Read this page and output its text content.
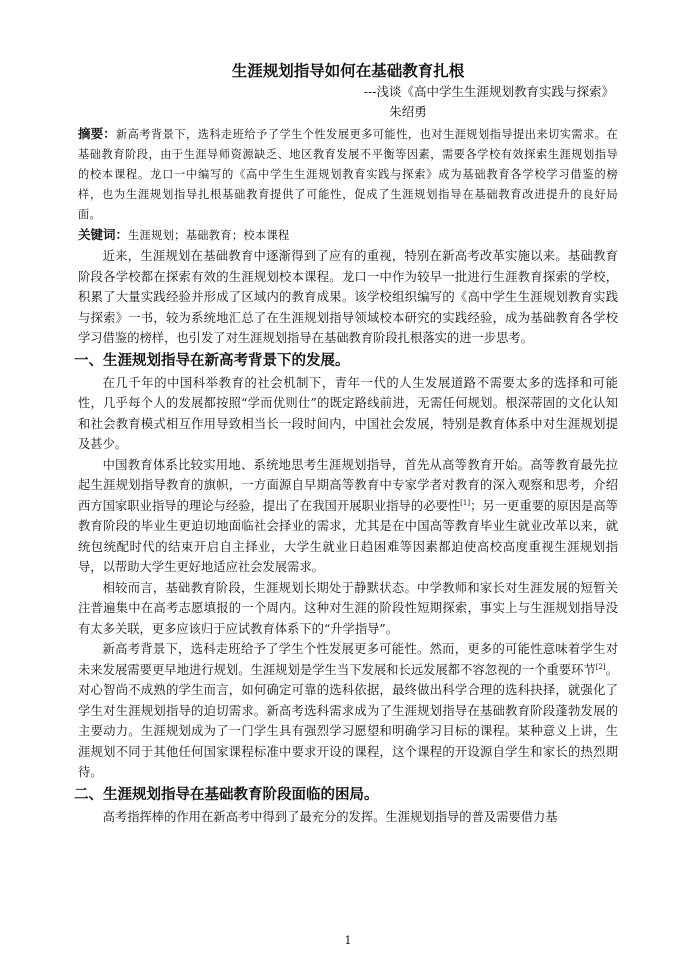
生涯规划指导如何在基础教育扎根

---浅谈《高中学生生涯规划教育实践与探索》

朱绍勇

摘要：新高考背景下，选科走班给予了学生个性发展更多可能性，也对生涯规划指导提出来切实需求。在基础教育阶段，由于生涯导师资源缺乏、地区教育发展不平衡等因素，需要各学校有效探索生涯规划指导的校本课程。龙口一中编写的《高中学生生涯规划教育实践与探索》成为基础教育各学校学习借鉴的榜样，也为生涯规划指导扎根基础教育提供了可能性，促成了生涯规划指导在基础教育改进提升的良好局面。

关键词：生涯规划；基础教育；校本课程

近来，生涯规划在基础教育中逐渐得到了应有的重视，特别在新高考改革实施以来。基础教育阶段各学校都在探索有效的生涯规划校本课程。龙口一中作为较早一批进行生涯教育探索的学校，积累了大量实践经验并形成了区域内的教育成果。该学校组织编写的《高中学生生涯规划教育实践与探索》一书，较为系统地汇总了在生涯规划指导领域校本研究的实践经验，成为基础教育各学校学习借鉴的榜样，也引发了对生涯规划指导在基础教育阶段扎根落实的进一步思考。

一、生涯规划指导在新高考背景下的发展。

在几千年的中国科举教育的社会机制下，青年一代的人生发展道路不需要太多的选择和可能性，几乎每个人的发展都按照“学而优则仕”的既定路线前进，无需任何规划。根深蒂固的文化认知和社会教育模式相互作用导致相当长一段时间内，中国社会发展，特别是教育体系中对生涯规划提及甚少。

中国教育体系比较实用地、系统地思考生涯规划指导，首先从高等教育开始。高等教育最先拉起生涯规划指导教育的旗帜，一方面源自早期高等教育中专家学者对教育的深入观察和思考，介绍西方国家职业指导的理论与经验，提出了在我国开展职业指导的必要性[1]；另一更重要的原因是高等教育阶段的毕业生更迫切地面临社会择业的需求，尤其是在中国高等教育毕业生就业改革以来，就统包统配时代的结束开启自主择业，大学生就业日趋困难等因素都迫使高校高度重视生涯规划指导，以帮助大学生更好地适应社会发展需求。

相较而言，基础教育阶段，生涯规划长期处于静默状态。中学教师和家长对生涯发展的短暂关注普遍集中在高考志愿填报的一个周内。这种对生涯的阶段性短期探索，事实上与生涯规划指导没有太多关联，更多应该归于应试教育体系下的“升学指导”。

新高考背景下，选科走班给予了学生个性发展更多可能性。然而，更多的可能性意味着学生对未来发展需要更早地进行规划。生涯规划是学生当下发展和长远发展都不容忽视的一个重要环节[2]。对心智尚不成熟的学生而言，如何确定可靠的选科依据，最终做出科学合理的选科抉择，就强化了学生对生涯规划指导的迫切需求。新高考选科需求成为了生涯规划指导在基础教育阶段蓬勃发展的主要动力。生涯规划成为了一门学生具有强烈学习愿望和明确学习目标的课程。某种意义上讲，生涯规划不同于其他任何国家课程标准中要求开设的课程，这个课程的开设源自学生和家长的热烈期待。

二、生涯规划指导在基础教育阶段面临的困局。

高考指挥棒的作用在新高考中得到了最充分的发挥。生涯规划指导的普及需要借力基

1
